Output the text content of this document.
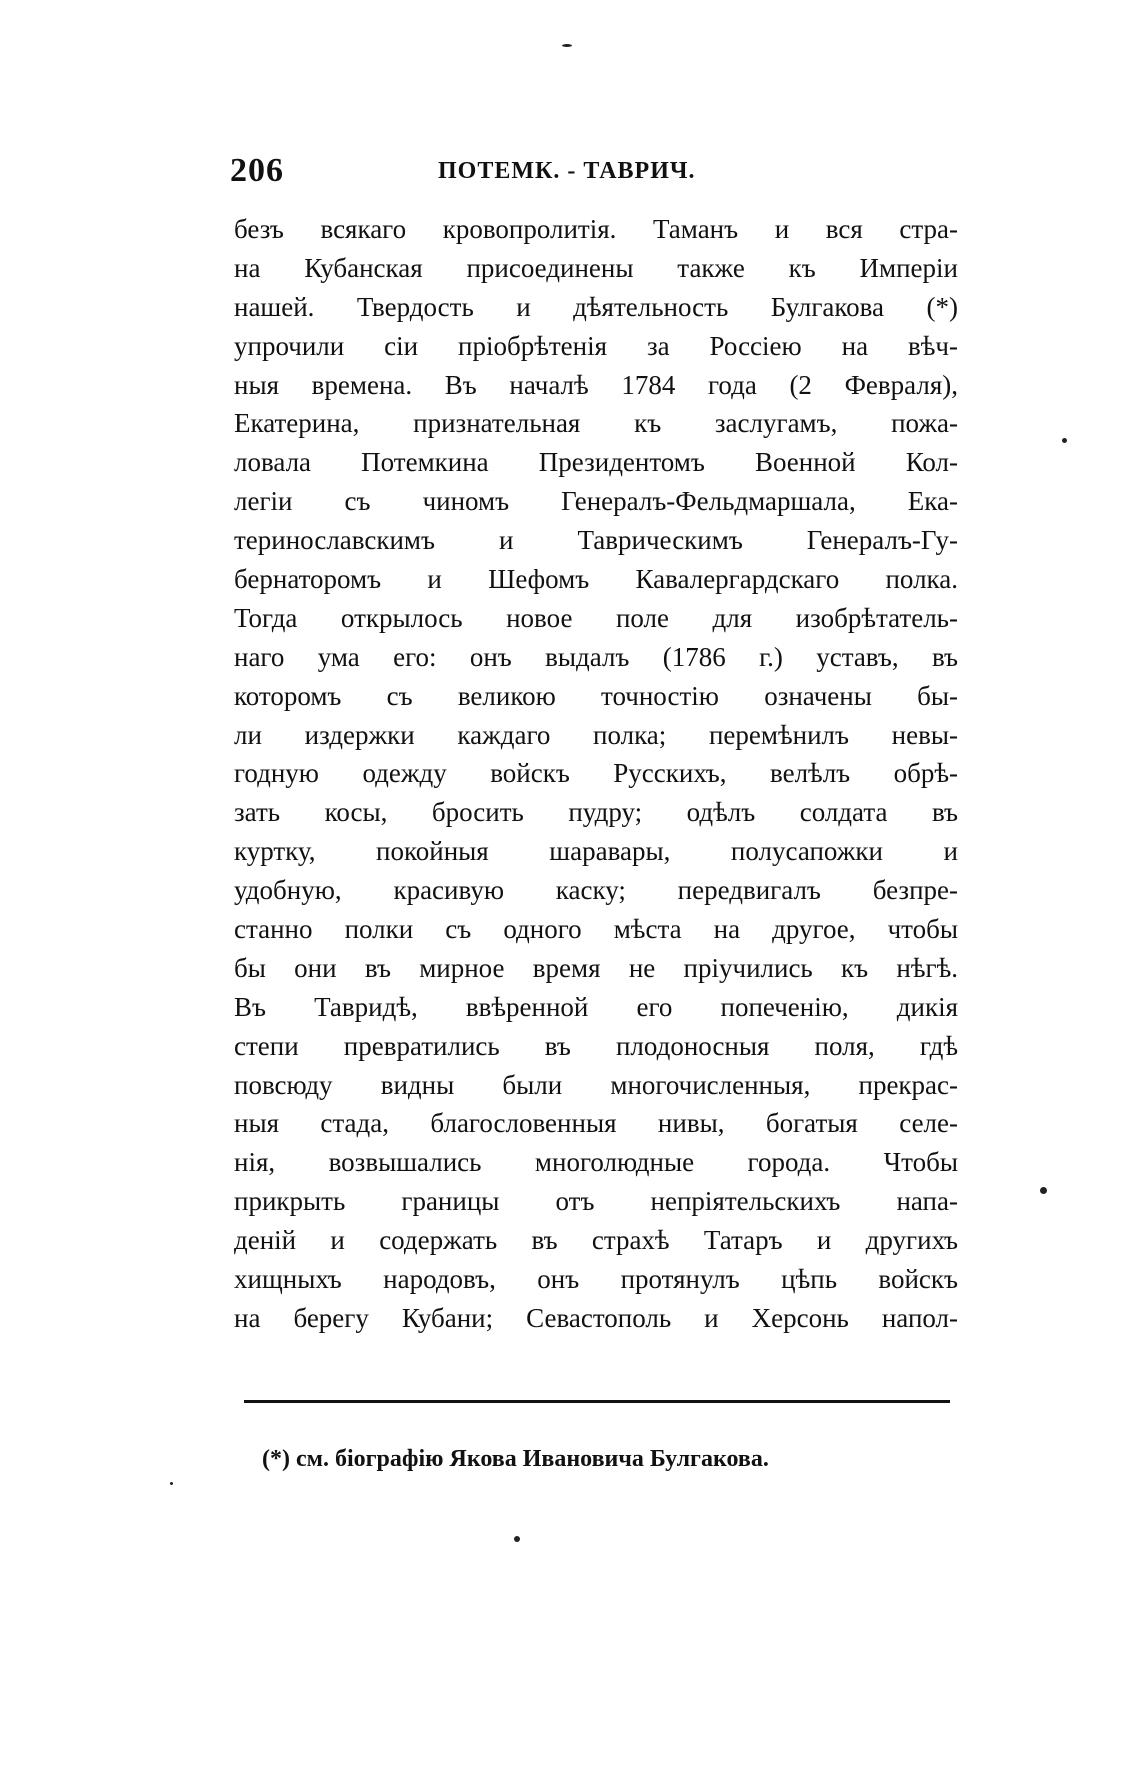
206	ПОТЕМК. - ТАВРИЧ.
безъ всякаго кровопролитія. Таманъ и вся стра-
на Кубанская присоединены также къ Имперіи
нашей. Твердость и дѣятельность Булгакова (*)
упрочили сіи пріобрѣтенія за Россіею на вѣч-
ныя времена. Въ началѣ 1784 года (2 Февраля),
Екатерина, признательная къ заслугамъ, пожа-
ловала Потемкина Президентомъ Военной Кол-
легіи съ чиномъ Генералъ-Фельдмаршала, Ека-
теринославскимъ и Таврическимъ Генералъ-Гу-
бернаторомъ и Шефомъ Кавалергардскаго полка.
Тогда открылось новое поле для изобрѣтатель-
наго ума его: онъ выдалъ (1786 г.) уставъ, въ
которомъ съ великою точностію означены бы-
ли издержки каждаго полка; перемѣнилъ невы-
годную одежду войскъ Русскихъ, велѣлъ обрѣ-
зать косы, бросить пудру; одѣлъ солдата въ
куртку, покойныя шаравары, полусапожки и
удобную, красивую каску; передвигалъ безпре-
станно полки съ одного мѣста на другое, чтобы
бы они въ мирное время не пріучились къ нѣгѣ.
Въ Тавридѣ, ввѣренной его попеченію, дикія
степи превратились въ плодоносныя поля, гдѣ
повсюду видны были многочисленныя, прекрас-
ныя стада, благословенныя нивы, богатыя селе-
нія, возвышались многолюдные города. Чтобы
прикрыть границы отъ непріятельскихъ напа-
деній и содержать въ страхѣ Татаръ и другихъ
хищныхъ народовъ, онъ протянулъ цѣпь войскъ
на берегу Кубани; Севастополь и Херсонь напол-
(*) см. біографію Якова Ивановича Булгакова.
